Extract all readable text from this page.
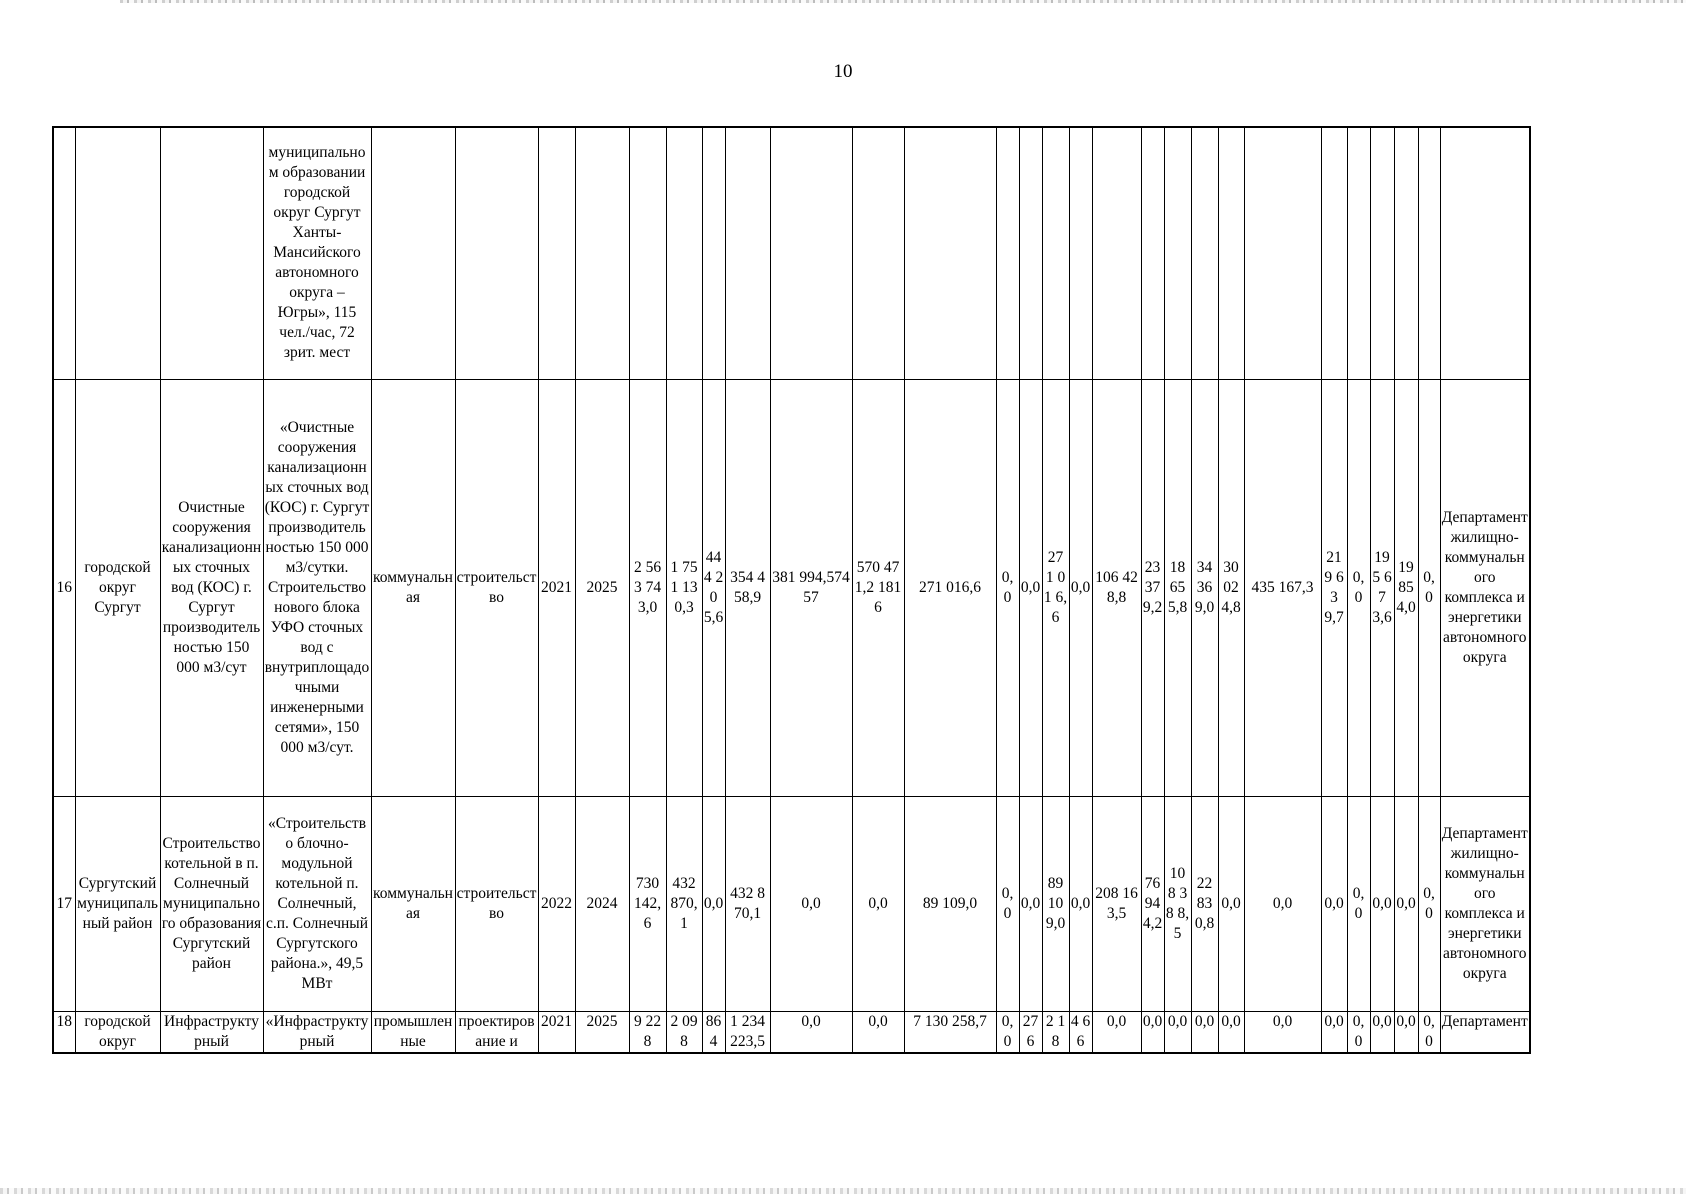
10
			муниципальном образовании городской округ Сургут Ханты-Мансийского автономного округа – Югры», 115 чел./час, 72 зрит. мест																											
16	городской округ Сургут	Очистные сооружения канализационных сточных вод (КОС) г. Сургут производительностью 150 000 м3/сут	«Очистные сооружения канализационных сточных вод (КОС) г. Сургут производительностью 150 000 м3/сутки. Строительство нового блока УФО сточных вод с внутриплощадочными инженерными сетями», 150 000 м3/сут.	коммунальная	строительство	2021	2025	2 563 743,0	1 751 130,3	44 4 20 5,6	354 458,9	381 994,57457	570 471,2 1816	271 016,6	0, 0	0,0	27 1 01 6,6	0,0	106 428,8	23 37 9,2	18 65 5,8	34 36 9,0	30 02 4,8	435 167,3	21 9 63 9,7	0, 0	19 5 67 3,6	19 85 4,0	0,0	Департамент жилищно-коммунального комплекса и энергетики автономного округа
17	Сургутский муниципальный район	Строительство котельной в п. Солнечный муниципального образования Сургутский район	«Строительство блочно-модульной котельной п. Солнечный, с.п. Солнечный Сургутского района.», 49,5 МВт	коммунальная	строительство	2022	2024	730 142,6	432 870,1	0,0	432 870,1	0,0	0,0	89 109,0	0, 0	0,0	89 10 9,0	0,0	208 163,5	76 94 4,2	10 8 38 8,5	22 83 0,8	0,0	0,0	0,0	0, 0	0,0	0,0	0,0	Департамент жилищно-коммунального комплекса и энергетики автономного округа
18	городской округ	Инфраструктурный	«Инфраструктурный	промышленные	проектирование и	2021	2025	9 228	2 098	86 4	1 234 223,5	0,0	0,0	7 130 258,7	0, 0	27 6	2 18	4 66	0,0	0,0	0,0	0,0	0,0	0,0	0,0	0, 0	0,0	0,0	0,0	Департамент
